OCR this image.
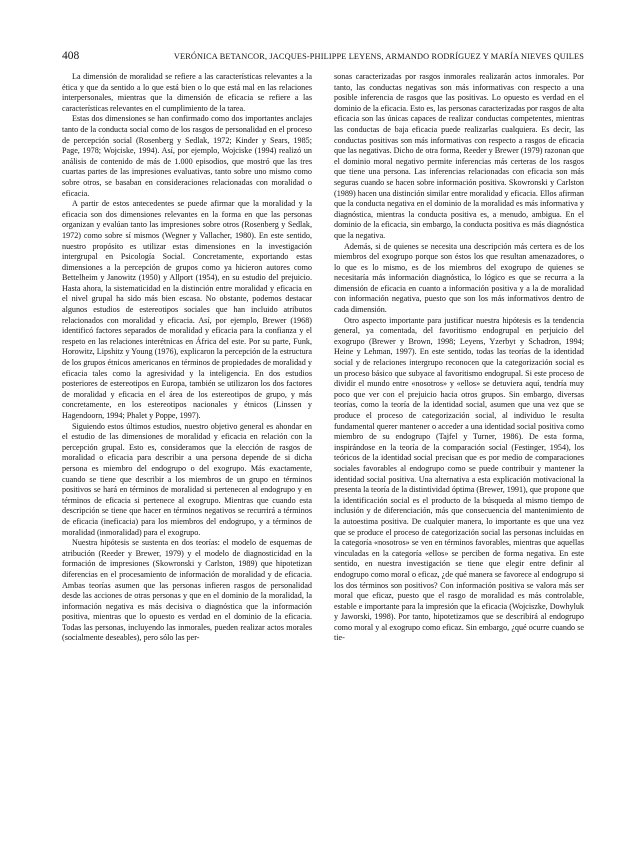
408	VERÓNICA BETANCOR, JACQUES-PHILIPPE LEYENS, ARMANDO RODRÍGUEZ Y MARÍA NIEVES QUILES

La dimensión de moralidad se refiere a las características relevantes a la ética y que da sentido a lo que está bien o lo que está mal en las relaciones interpersonales, mientras que la dimensión de eficacia se refiere a las características relevantes en el cumplimiento de la tarea.

Estas dos dimensiones se han confirmado como dos importantes anclajes tanto de la conducta social como de los rasgos de personalidad en el proceso de percepción social (Rosenberg y Sedlak, 1972; Kinder y Sears, 1985; Page, 1978; Wojciske, 1994). Así, por ejemplo, Wojciske (1994) realizó un análisis de contenido de más de 1.000 episodios, que mostró que las tres cuartas partes de las impresiones evaluativas, tanto sobre uno mismo como sobre otros, se basaban en consideraciones relacionadas con moralidad o eficacia.

A partir de estos antecedentes se puede afirmar que la moralidad y la eficacia son dos dimensiones relevantes en la forma en que las personas organizan y evalúan tanto las impresiones sobre otros (Rosenberg y Sedlak, 1972) como sobre sí mismos (Wegner y Vallacher, 1980). En este sentido, nuestro propósito es utilizar estas dimensiones en la investigación intergrupal en Psicología Social. Concretamente, exportando estas dimensiones a la percepción de grupos como ya hicieron autores como Bettelheim y Janowitz (1950) y Allport (1954), en su estudio del prejuicio. Hasta ahora, la sistematicidad en la distinción entre moralidad y eficacia en el nivel grupal ha sido más bien escasa. No obstante, podemos destacar algunos estudios de estereotipos sociales que han incluido atributos relacionados con moralidad y eficacia. Así, por ejemplo, Brewer (1968) identificó factores separados de moralidad y eficacia para la confianza y el respeto en las relaciones interétnicas en África del este. Por su parte, Funk, Horowitz, Lipshitz y Young (1976), explicaron la percepción de la estructura de los grupos étnicos americanos en términos de propiedades de moralidad y eficacia tales como la agresividad y la inteligencia. En dos estudios posteriores de estereotipos en Europa, también se utilizaron los dos factores de moralidad y eficacia en el área de los estereotipos de grupo, y más concretamente, en los estereotipos nacionales y étnicos (Linssen y Hagendoorn, 1994; Phalet y Poppe, 1997).

Siguiendo estos últimos estudios, nuestro objetivo general es ahondar en el estudio de las dimensiones de moralidad y eficacia en relación con la percepción grupal. Esto es, consideramos que la elección de rasgos de moralidad o eficacia para describir a una persona depende de si dicha persona es miembro del endogrupo o del exogrupo. Más exactamente, cuando se tiene que describir a los miembros de un grupo en términos positivos se hará en términos de moralidad si pertenecen al endogrupo y en términos de eficacia si pertenece al exogrupo. Mientras que cuando esta descripción se tiene que hacer en términos negativos se recurrirá a términos de eficacia (ineficacia) para los miembros del endogrupo, y a términos de moralidad (inmoralidad) para el exogrupo.

Nuestra hipótesis se sustenta en dos teorías: el modelo de esquemas de atribución (Reeder y Brewer, 1979) y el modelo de diagnosticidad en la formación de impresiones (Skowronski y Carlston, 1989) que hipotetizan diferencias en el procesamiento de información de moralidad y de eficacia. Ambas teorías asumen que las personas infieren rasgos de personalidad desde las acciones de otras personas y que en el dominio de la moralidad, la información negativa es más decisiva o diagnóstica que la información positiva, mientras que lo opuesto es verdad en el dominio de la eficacia. Todas las personas, incluyendo las inmorales, pueden realizar actos morales (socialmente deseables), pero sólo las per-

sonas caracterizadas por rasgos inmorales realizarán actos inmorales. Por tanto, las conductas negativas son más informativas con respecto a una posible inferencia de rasgos que las positivas. Lo opuesto es verdad en el dominio de la eficacia. Esto es, las personas caracterizadas por rasgos de alta eficacia son las únicas capaces de realizar conductas competentes, mientras las conductas de baja eficacia puede realizarlas cualquiera. Es decir, las conductas positivas son más informativas con respecto a rasgos de eficacia que las negativas. Dicho de otra forma, Reeder y Brewer (1979) razonan que el dominio moral negativo permite inferencias más certeras de los rasgos que tiene una persona. Las inferencias relacionadas con eficacia son más seguras cuando se hacen sobre información positiva. Skowronski y Carlston (1989) hacen una distinción similar entre moralidad y eficacia. Ellos afirman que la conducta negativa en el dominio de la moralidad es más informativa y diagnóstica, mientras la conducta positiva es, a menudo, ambigua. En el dominio de la eficacia, sin embargo, la conducta positiva es más diagnóstica que la negativa.

Además, si de quienes se necesita una descripción más certera es de los miembros del exogrupo porque son éstos los que resultan amenazadores, o lo que es lo mismo, es de los miembros del exogrupo de quienes se necesitaría más información diagnóstica, lo lógico es que se recurra a la dimensión de eficacia en cuanto a información positiva y a la de moralidad con información negativa, puesto que son los más informativos dentro de cada dimensión.

Otro aspecto importante para justificar nuestra hipótesis es la tendencia general, ya comentada, del favoritismo endogrupal en perjuicio del exogrupo (Brewer y Brown, 1998; Leyens, Yzerbyt y Schadron, 1994; Heine y Lehman, 1997). En este sentido, todas las teorías de la identidad social y de relaciones intergrupo reconocen que la categorización social es un proceso básico que subyace al favoritismo endogrupal. Si este proceso de dividir el mundo entre «nosotros» y «ellos» se detuviera aquí, tendría muy poco que ver con el prejuicio hacia otros grupos. Sin embargo, diversas teorías, como la teoría de la identidad social, asumen que una vez que se produce el proceso de categorización social, al individuo le resulta fundamental querer mantener o acceder a una identidad social positiva como miembro de su endogrupo (Tajfel y Turner, 1986). De esta forma, inspirándose en la teoría de la comparación social (Festinger, 1954), los teóricos de la identidad social precisan que es por medio de comparaciones sociales favorables al endogrupo como se puede contribuir y mantener la identidad social positiva. Una alternativa a esta explicación motivacional la presenta la teoría de la distintividad óptima (Brewer, 1991), que propone que la identificación social es el producto de la búsqueda al mismo tiempo de inclusión y de diferenciación, más que consecuencia del mantenimiento de la autoestima positiva. De cualquier manera, lo importante es que una vez que se produce el proceso de categorización social las personas incluidas en la categoría «nosotros» se ven en términos favorables, mientras que aquellas vinculadas en la categoría «ellos» se perciben de forma negativa. En este sentido, en nuestra investigación se tiene que elegir entre definir al endogrupo como moral o eficaz, ¿de qué manera se favorece al endogrupo si los dos términos son positivos? Con información positiva se valora más ser moral que eficaz, puesto que el rasgo de moralidad es más controlable, estable e importante para la impresión que la eficacia (Wojciszke, Dowhyluk y Jaworski, 1998). Por tanto, hipotetizamos que se describirá al endogrupo como moral y al exogrupo como eficaz. Sin embargo, ¿qué ocurre cuando se tie-
